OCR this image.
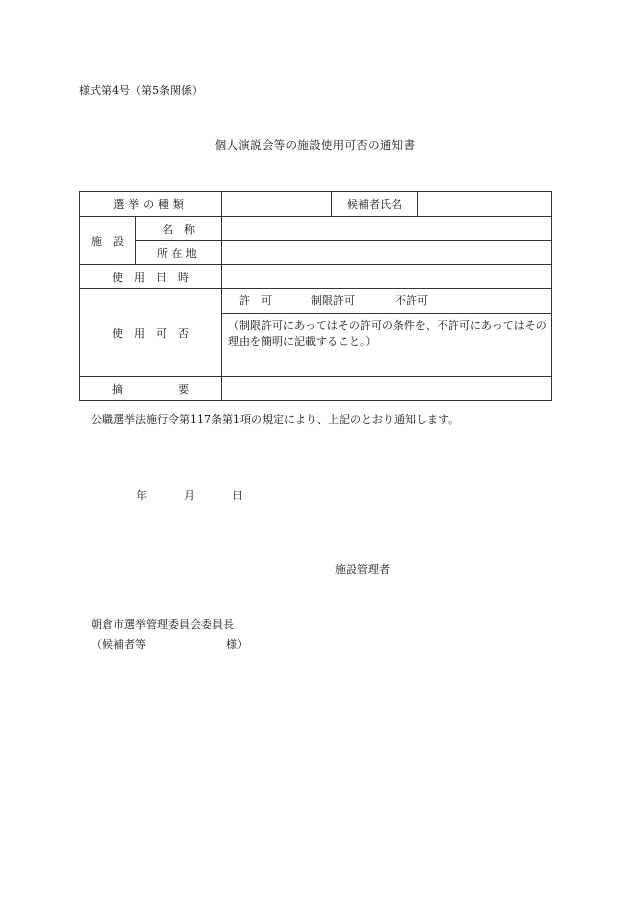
様式第4号（第5条関係）
個人演説会等の施設使用可否の通知書
選挙の種類			候補者氏名	
施　設	名　称			
	所在地			
使　用　日　時				
使　用　可　否		許　可 制限許可 不許可
（制限許可にあってはその許可の条件を、不許可にあってはその理由を簡明に記載すること。）		

摘　　　　　要				
公職選挙法施行令第117条第1項の規定により、上記のとおり通知します。
年	月	日
施設管理者
朝倉市選挙管理委員会委員長
（候補者等	様）
